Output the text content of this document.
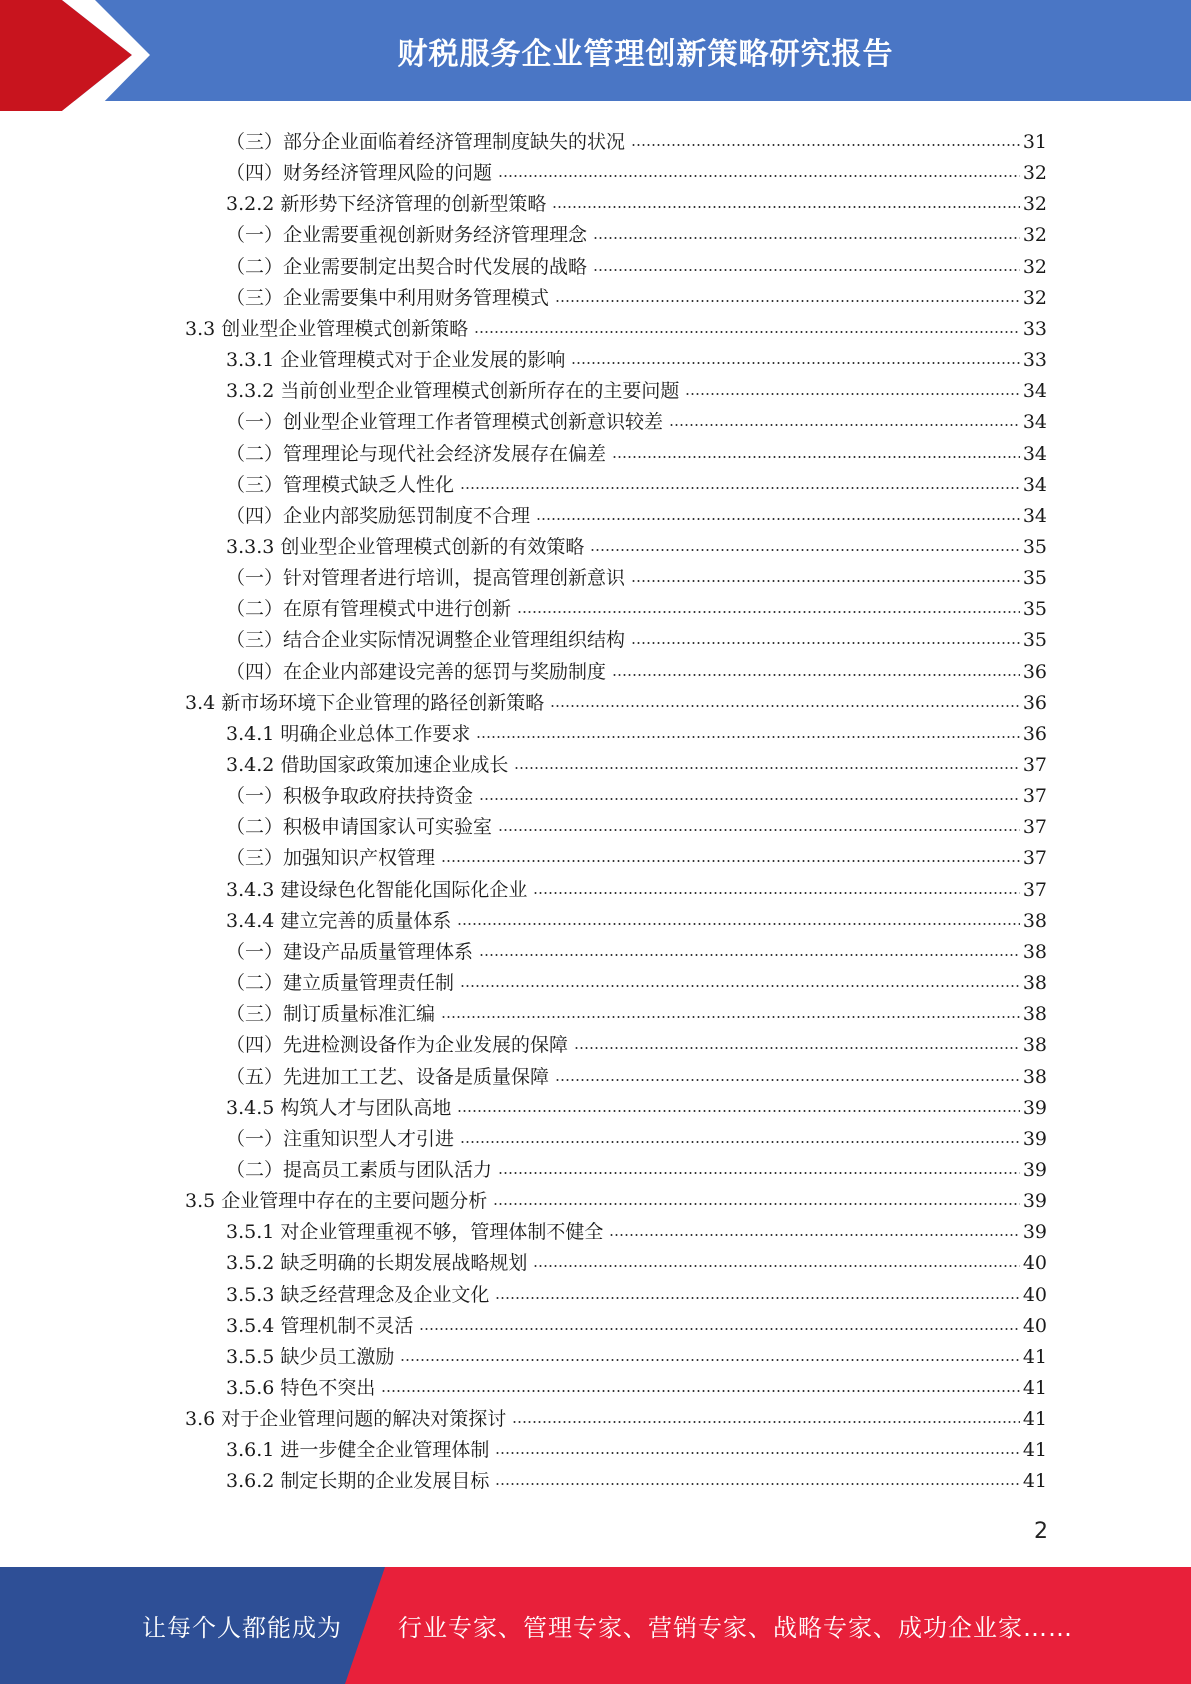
财税服务企业管理创新策略研究报告
（三）部分企业面临着经济管理制度缺失的状况	31
（四）财务经济管理风险的问题	32
3.2.2 新形势下经济管理的创新型策略	32
（一）企业需要重视创新财务经济管理理念	32
（二）企业需要制定出契合时代发展的战略	32
（三）企业需要集中利用财务管理模式	32
3.3 创业型企业管理模式创新策略	33
3.3.1 企业管理模式对于企业发展的影响	33
3.3.2 当前创业型企业管理模式创新所存在的主要问题	34
（一）创业型企业管理工作者管理模式创新意识较差	34
（二）管理理论与现代社会经济发展存在偏差	34
（三）管理模式缺乏人性化	34
（四）企业内部奖励惩罚制度不合理	34
3.3.3 创业型企业管理模式创新的有效策略	35
（一）针对管理者进行培训，提高管理创新意识	35
（二）在原有管理模式中进行创新	35
（三）结合企业实际情况调整企业管理组织结构	35
（四）在企业内部建设完善的惩罚与奖励制度	36
3.4 新市场环境下企业管理的路径创新策略	36
3.4.1 明确企业总体工作要求	36
3.4.2 借助国家政策加速企业成长	37
（一）积极争取政府扶持资金	37
（二）积极申请国家认可实验室	37
（三）加强知识产权管理	37
3.4.3 建设绿色化智能化国际化企业	37
3.4.4 建立完善的质量体系	38
（一）建设产品质量管理体系	38
（二）建立质量管理责任制	38
（三）制订质量标准汇编	38
（四）先进检测设备作为企业发展的保障	38
（五）先进加工工艺、设备是质量保障	38
3.4.5 构筑人才与团队高地	39
（一）注重知识型人才引进	39
（二）提高员工素质与团队活力	39
3.5 企业管理中存在的主要问题分析	39
3.5.1 对企业管理重视不够，管理体制不健全	39
3.5.2 缺乏明确的长期发展战略规划	40
3.5.3 缺乏经营理念及企业文化	40
3.5.4 管理机制不灵活	40
3.5.5 缺少员工激励	41
3.5.6 特色不突出	41
3.6 对于企业管理问题的解决对策探讨	41
3.6.1 进一步健全企业管理体制	41
3.6.2 制定长期的企业发展目标	41
2
让每个人都能成为 行业专家、管理专家、营销专家、战略专家、成功企业家……
